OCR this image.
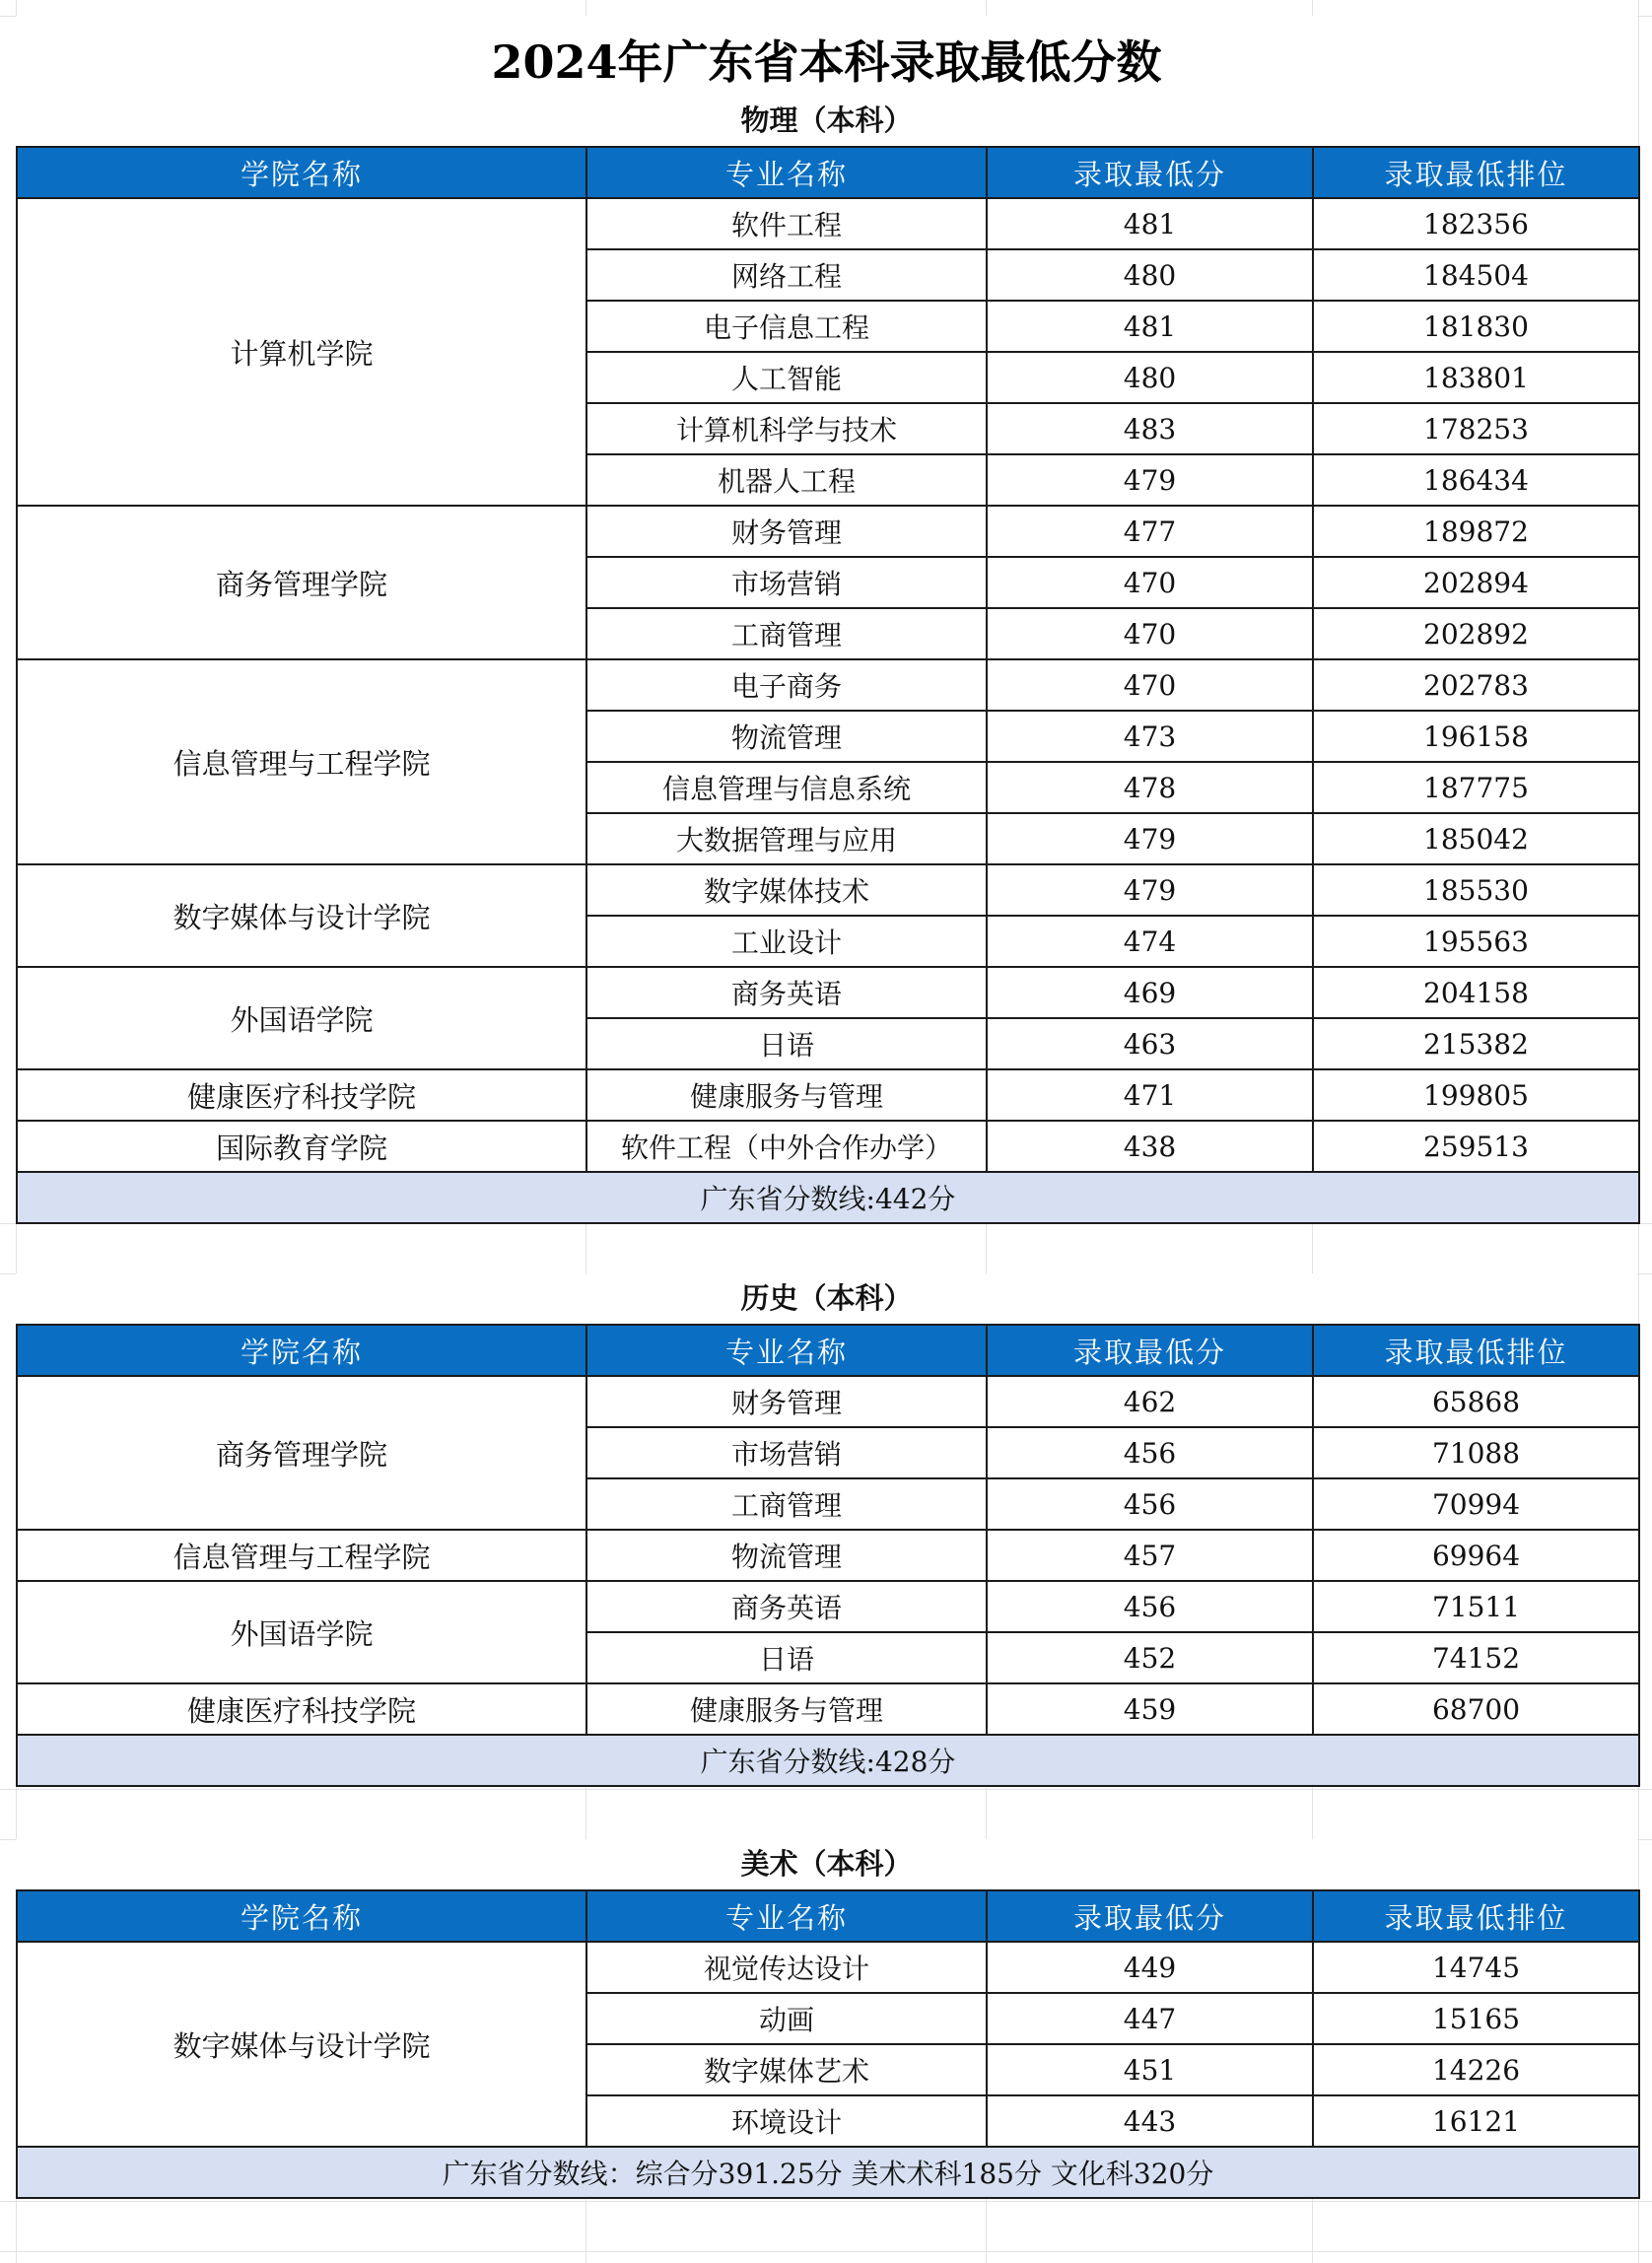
2024年广东省本科录取最低分数
物理（本科）
学院名称	专业名称	录取最低分	录取最低排位
计算机学院	软件工程	481	182356
	网络工程	480	184504
	电子信息工程	481	181830
	人工智能	480	183801
	计算机科学与技术	483	178253
	机器人工程	479	186434
商务管理学院	财务管理	477	189872
	市场营销	470	202894
	工商管理	470	202892
信息管理与工程学院	电子商务	470	202783
	物流管理	473	196158
	信息管理与信息系统	478	187775
	大数据管理与应用	479	185042
数字媒体与设计学院	数字媒体技术	479	185530
	工业设计	474	195563
外国语学院	商务英语	469	204158
	日语	463	215382
健康医疗科技学院	健康服务与管理	471	199805
国际教育学院	软件工程（中外合作办学）	438	259513
广东省分数线:442分			
历史（本科）
学院名称	专业名称	录取最低分	录取最低排位
商务管理学院	财务管理	462	65868
	市场营销	456	71088
	工商管理	456	70994
信息管理与工程学院	物流管理	457	69964
外国语学院	商务英语	456	71511
	日语	452	74152
健康医疗科技学院	健康服务与管理	459	68700
广东省分数线:428分			
美术（本科）
学院名称	专业名称	录取最低分	录取最低排位
数字媒体与设计学院	视觉传达设计	449	14745
	动画	447	15165
	数字媒体艺术	451	14226
	环境设计	443	16121
广东省分数线：综合分391.25分 美术术科185分 文化科320分			
